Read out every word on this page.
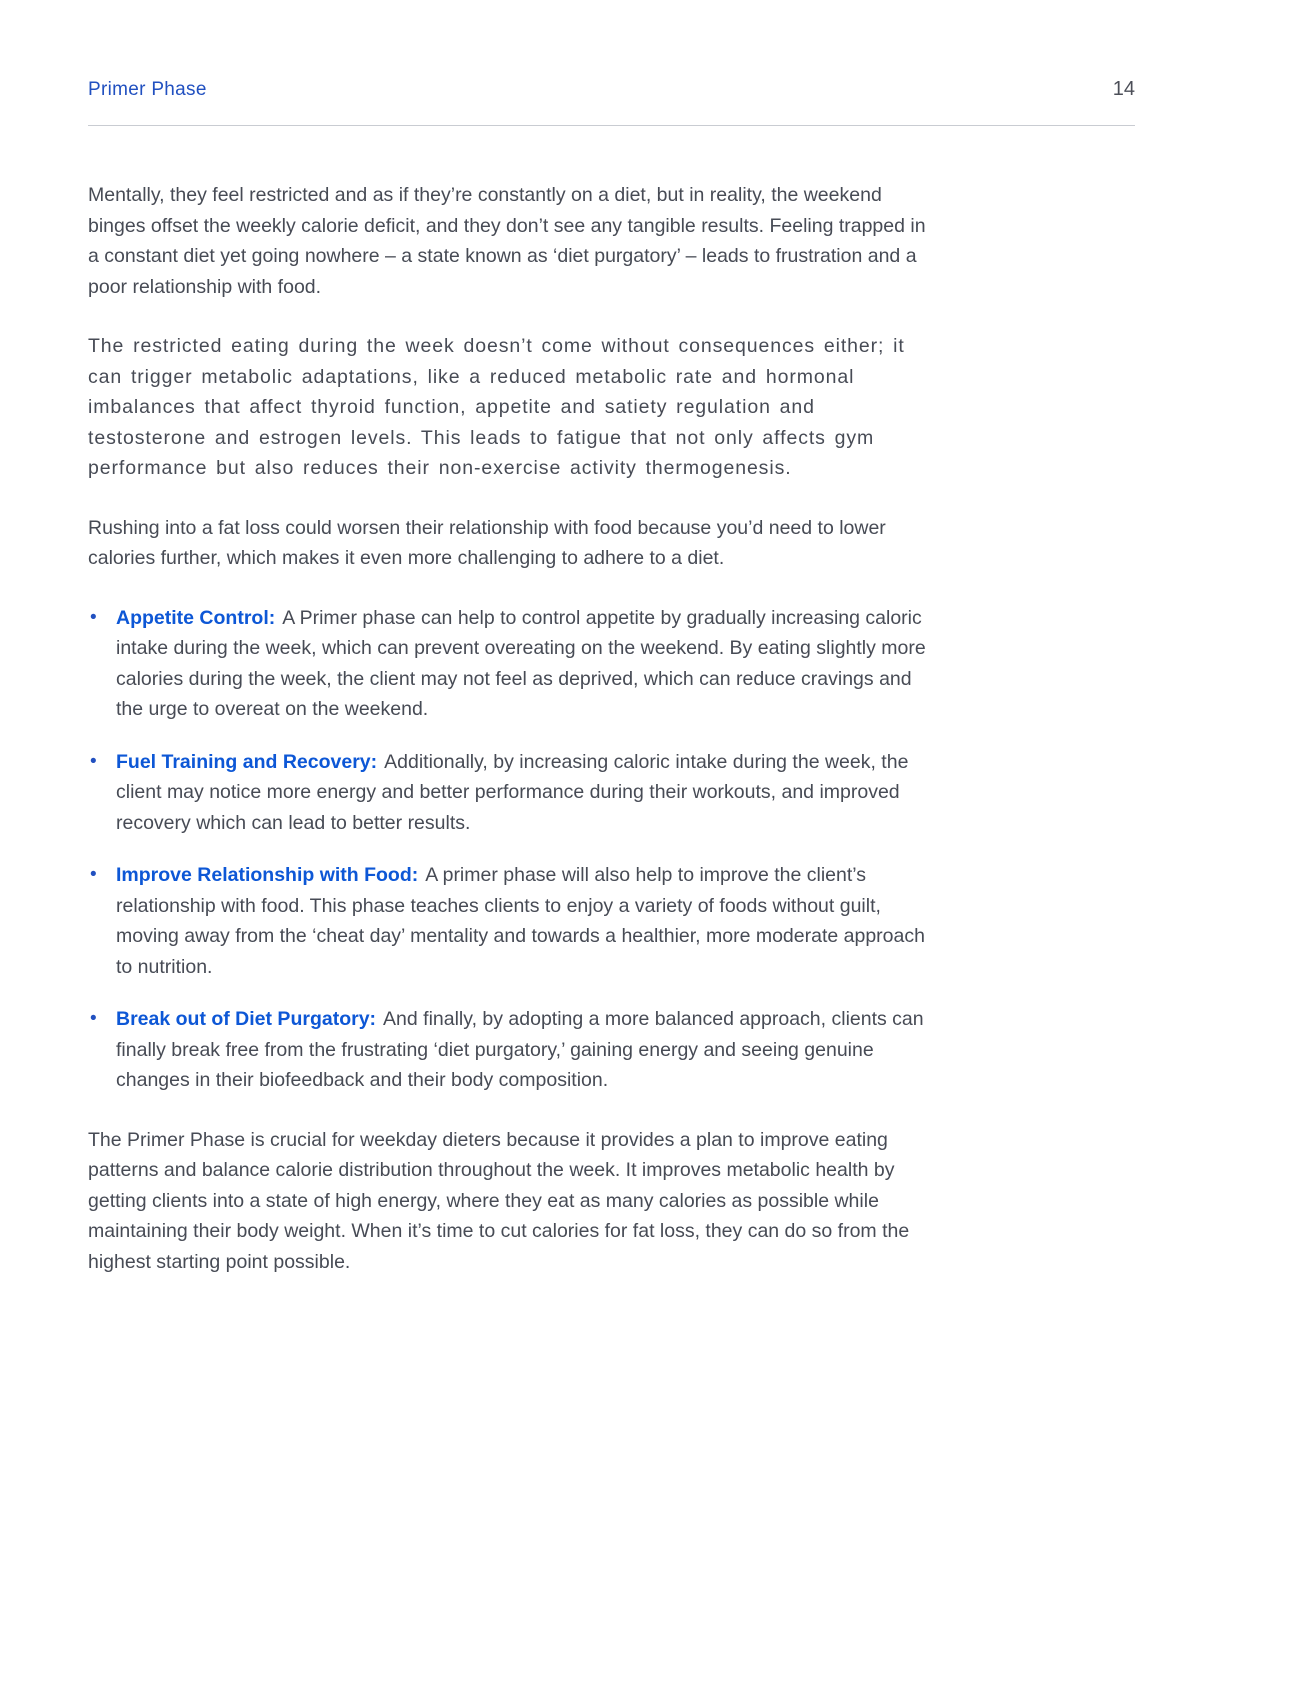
Primer Phase	14

Mentally, they feel restricted and as if they’re constantly on a diet, but in reality, the weekend binges offset the weekly calorie deficit, and they don’t see any tangible results. Feeling trapped in a constant diet yet going nowhere – a state known as ‘diet purgatory’ – leads to frustration and a poor relationship with food.

The restricted eating during the week doesn’t come without consequences either; it can trigger metabolic adaptations, like a reduced metabolic rate and hormonal imbalances that affect thyroid function, appetite and satiety regulation and testosterone and estrogen levels. This leads to fatigue that not only affects gym performance but also reduces their non-exercise activity thermogenesis.

Rushing into a fat loss could worsen their relationship with food because you’d need to lower calories further, which makes it even more challenging to adhere to a diet.

• Appetite Control: A Primer phase can help to control appetite by gradually increasing caloric intake during the week, which can prevent overeating on the weekend. By eating slightly more calories during the week, the client may not feel as deprived, which can reduce cravings and the urge to overeat on the weekend.
• Fuel Training and Recovery: Additionally, by increasing caloric intake during the week, the client may notice more energy and better performance during their workouts, and improved recovery which can lead to better results.
• Improve Relationship with Food: A primer phase will also help to improve the client’s relationship with food. This phase teaches clients to enjoy a variety of foods without guilt, moving away from the ‘cheat day’ mentality and towards a healthier, more moderate approach to nutrition.
• Break out of Diet Purgatory: And finally, by adopting a more balanced approach, clients can finally break free from the frustrating ‘diet purgatory,’ gaining energy and seeing genuine changes in their biofeedback and their body composition.

The Primer Phase is crucial for weekday dieters because it provides a plan to improve eating patterns and balance calorie distribution throughout the week. It improves metabolic health by getting clients into a state of high energy, where they eat as many calories as possible while maintaining their body weight. When it’s time to cut calories for fat loss, they can do so from the highest starting point possible.
